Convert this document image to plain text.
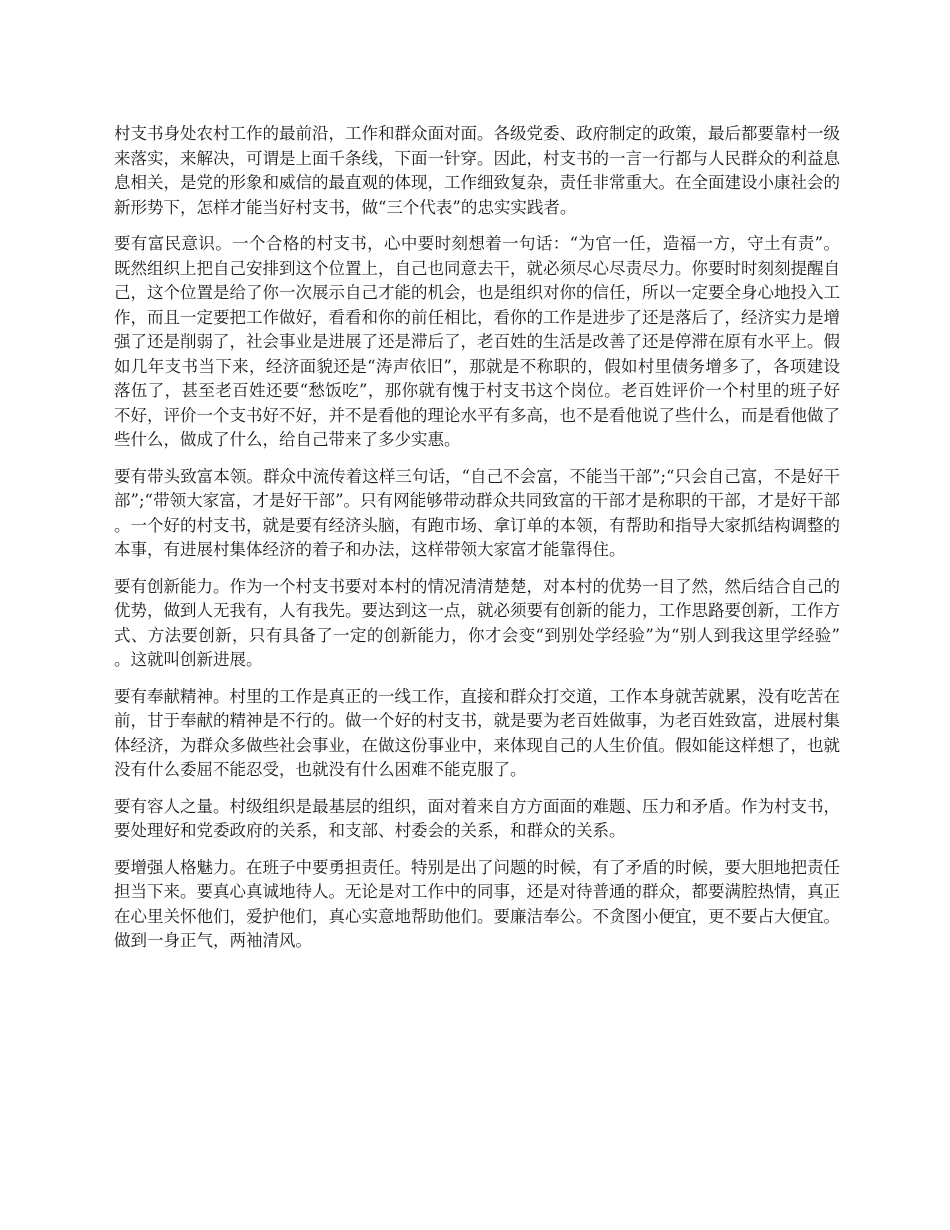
村支书身处农村工作的最前沿，工作和群众面对面。各级党委、政府制定的政策，最后都要靠村一级来落实，来解决，可谓是上面千条线，下面一针穿。因此，村支书的一言一行都与人民群众的利益息息相关，是党的形象和威信的最直观的体现，工作细致复杂，责任非常重大。在全面建设小康社会的新形势下，怎样才能当好村支书，做“三个代表”的忠实实践者。

要有富民意识。一个合格的村支书，心中要时刻想着一句话：“为官一任，造福一方，守土有责”。既然组织上把自己安排到这个位置上，自己也同意去干，就必须尽心尽责尽力。你要时时刻刻提醒自己，这个位置是给了你一次展示自己才能的机会，也是组织对你的信任，所以一定要全身心地投入工作，而且一定要把工作做好，看看和你的前任相比，看你的工作是进步了还是落后了，经济实力是增强了还是削弱了，社会事业是进展了还是滞后了，老百姓的生活是改善了还是停滞在原有水平上。假如几年支书当下来，经济面貌还是“涛声依旧”，那就是不称职的，假如村里债务增多了，各项建设落伍了，甚至老百姓还要“愁饭吃”，那你就有愧于村支书这个岗位。老百姓评价一个村里的班子好不好，评价一个支书好不好，并不是看他的理论水平有多高，也不是看他说了些什么，而是看他做了些什么，做成了什么，给自己带来了多少实惠。

要有带头致富本领。群众中流传着这样三句话，“自己不会富，不能当干部”;“只会自己富，不是好干部”;“带领大家富，才是好干部”。只有网能够带动群众共同致富的干部才是称职的干部，才是好干部。一个好的村支书，就是要有经济头脑，有跑市场、拿订单的本领，有帮助和指导大家抓结构调整的本事，有进展村集体经济的着子和办法，这样带领大家富才能靠得住。

要有创新能力。作为一个村支书要对本村的情况清清楚楚，对本村的优势一目了然，然后结合自己的优势，做到人无我有，人有我先。要达到这一点，就必须要有创新的能力，工作思路要创新，工作方式、方法要创新，只有具备了一定的创新能力，你才会变“到别处学经验”为“别人到我这里学经验”。这就叫创新进展。

要有奉献精神。村里的工作是真正的一线工作，直接和群众打交道，工作本身就苦就累，没有吃苦在前，甘于奉献的精神是不行的。做一个好的村支书，就是要为老百姓做事，为老百姓致富，进展村集体经济，为群众多做些社会事业，在做这份事业中，来体现自己的人生价值。假如能这样想了，也就没有什么委屈不能忍受，也就没有什么困难不能克服了。

要有容人之量。村级组织是最基层的组织，面对着来自方方面面的难题、压力和矛盾。作为村支书，要处理好和党委政府的关系，和支部、村委会的关系，和群众的关系。

要增强人格魅力。在班子中要勇担责任。特别是出了问题的时候，有了矛盾的时候，要大胆地把责任担当下来。要真心真诚地待人。无论是对工作中的同事，还是对待普通的群众，都要满腔热情，真正在心里关怀他们，爱护他们，真心实意地帮助他们。要廉洁奉公。不贪图小便宜，更不要占大便宜。做到一身正气，两袖清风。
